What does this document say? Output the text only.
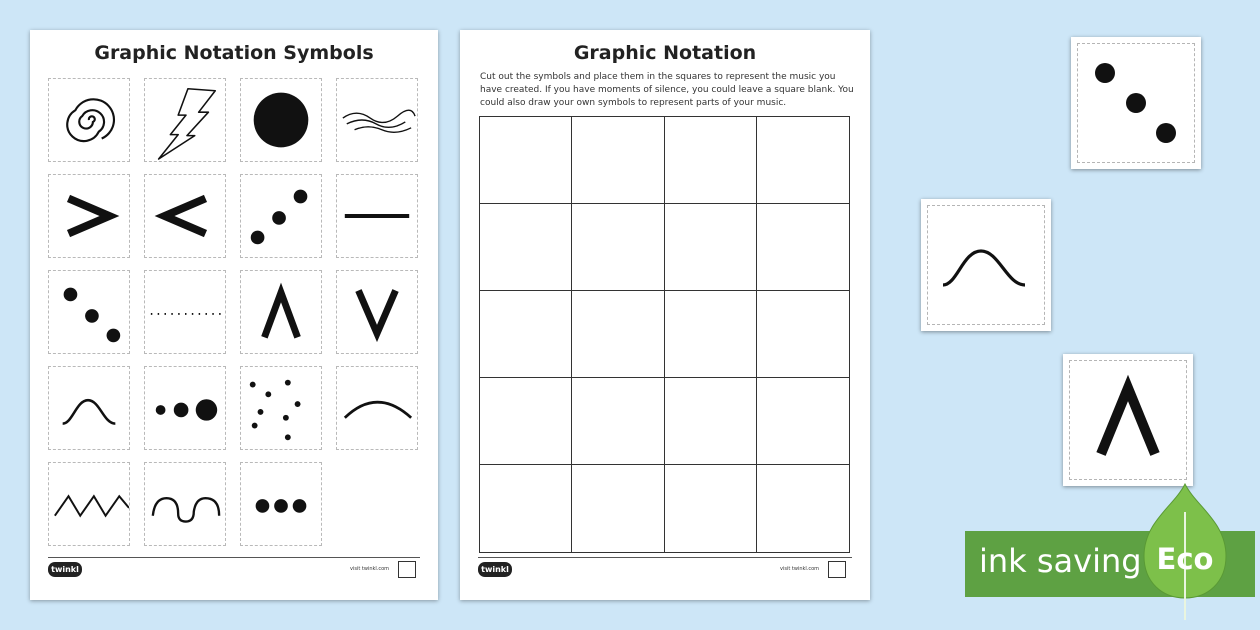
Graphic Notation Symbols
twinkl	visit twinkl.com
Graphic Notation
Cut out the symbols and place them in the squares to represent the music you have created. If you have moments of silence, you could leave a square blank. You could also draw your own symbols to represent parts of your music.
twinkl	visit twinkl.com	ink saving Eco
